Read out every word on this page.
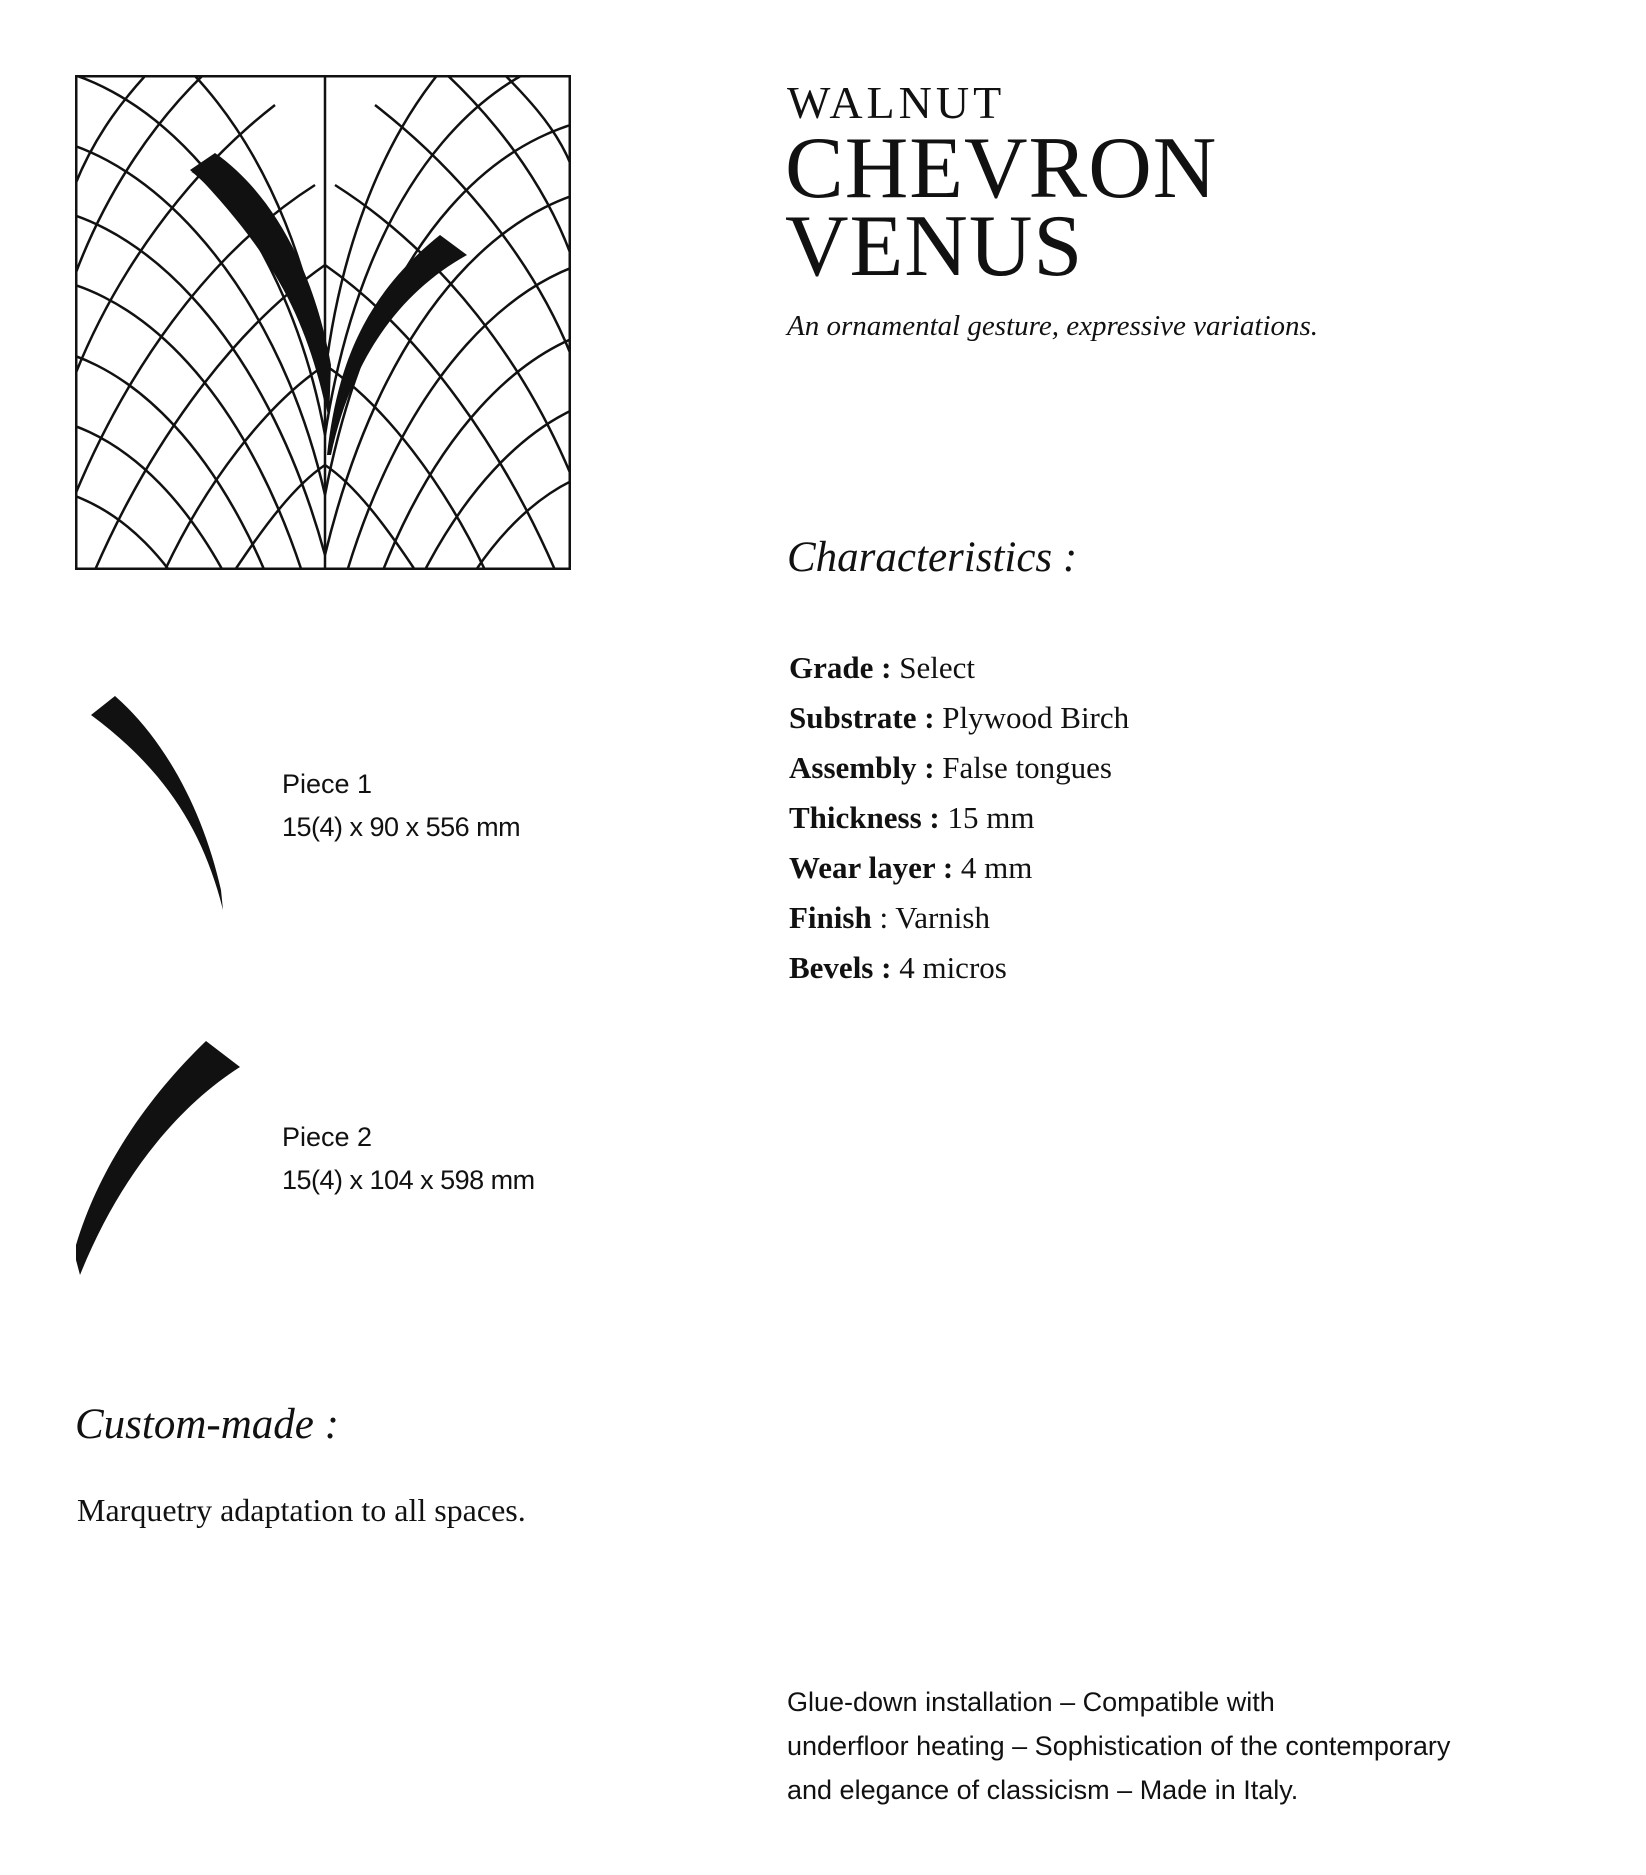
WALNUT
CHEVRON
VENUS

An ornamental gesture, expressive variations.

Characteristics :
Grade : Select
Substrate : Plywood Birch
Assembly : False tongues
Thickness : 15 mm
Wear layer : 4 mm
Finish : Varnish
Bevels : 4 micros
Piece 1
15(4) x 90 x 556 mm
Piece 2
15(4) x 104 x 598 mm
Custom-made :

Marquetry adaptation to all spaces.

Glue-down installation – Compatible with
underfloor heating – Sophistication of the contemporary
and elegance of classicism – Made in Italy.
